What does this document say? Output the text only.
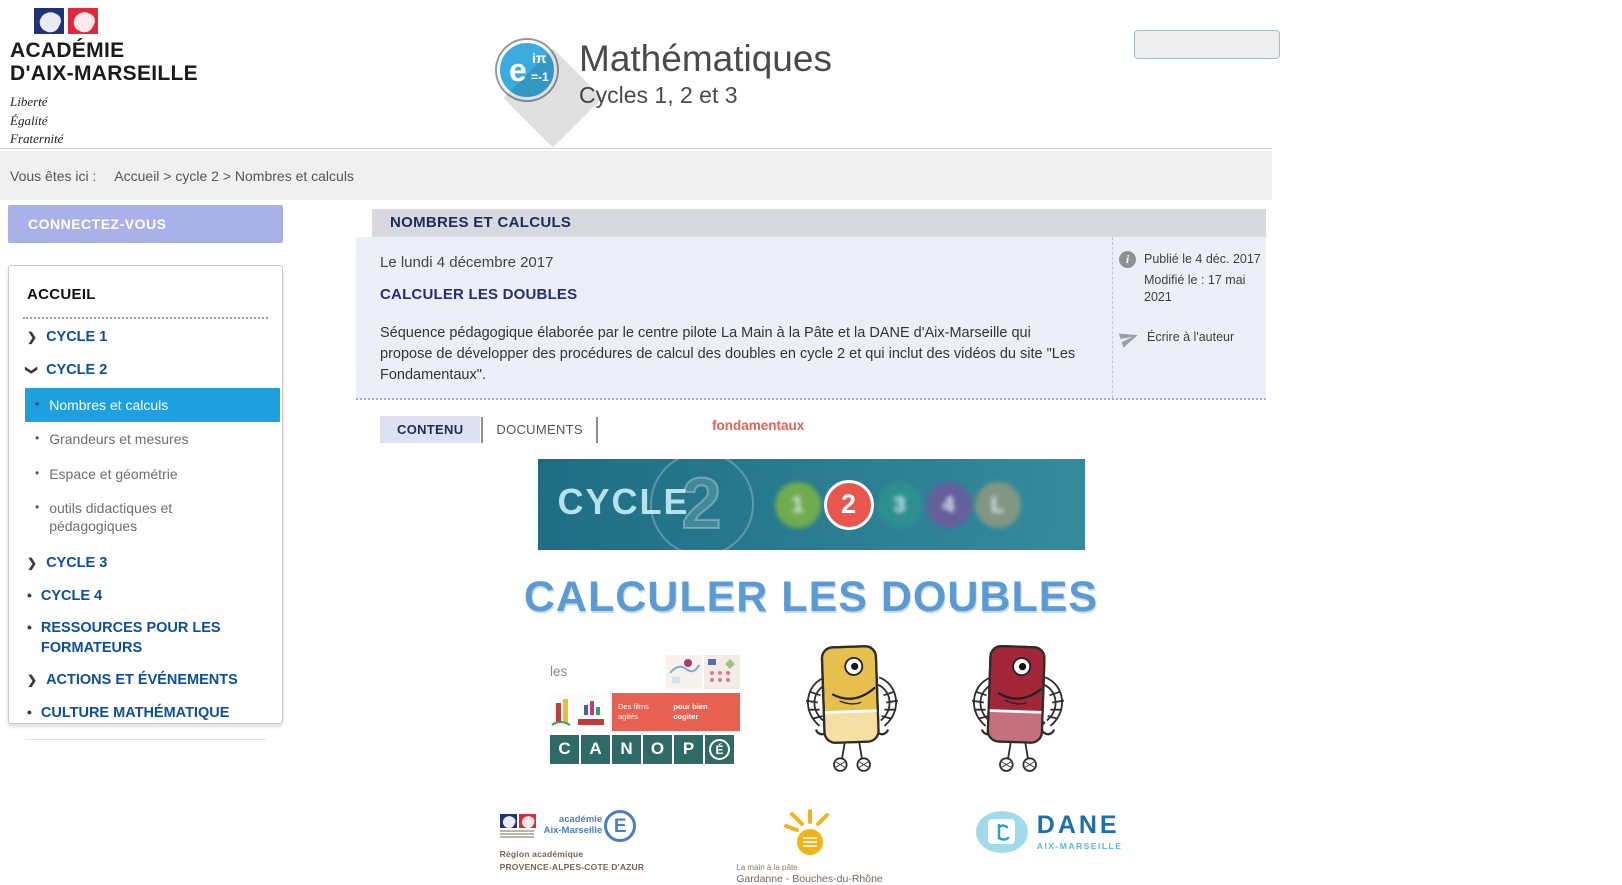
ACADÉMIE
D'AIX-MARSEILLE
Liberté
Égalité
Fraternité
e iπ
=-1 Mathématiques
Cycles 1, 2 et 3
Vous êtes ici : Accueil > cycle 2 > Nombres et calculs
CONNECTEZ-VOUS
ACCUEIL
❯ CYCLE 1
❯ CYCLE 2
• Nombres et calculs
• Grandeurs et mesures
• Espace et géométrie
• outils didactiques et pédagogiques
❯ CYCLE 3
• CYCLE 4
• RESSOURCES POUR LES FORMATEURS
❯ ACTIONS ET ÉVÉNEMENTS
• CULTURE MATHÉMATIQUE
NOMBRES ET CALCULS
Le lundi 4 décembre 2017
CALCULER LES DOUBLES
Séquence pédagogique élaborée par le centre pilote La Main à la Pâte et la DANE d'Aix-Marseille qui propose de développer des procédures de calcul des doubles en cycle 2 et qui inclut des vidéos du site "Les Fondamentaux".
i	Publié le 4 déc. 2017
Modifié le : 17 mai 2021
Écrire à l'auteur
CONTENU	DOCUMENTS
CYCLE
2	1	2	3	4	L
CALCULER LES DOUBLES
les
fondamentaux
Des films agités
pour bien cogiter
C	A	N	O	P	É
académie
Aix-Marseille E
Région académique
PROVENCE-ALPES-COTE D'AZUR	La main à la pâte
Gardanne - Bouches-du-Rhône
DANE
AIX-MARSEILLE
